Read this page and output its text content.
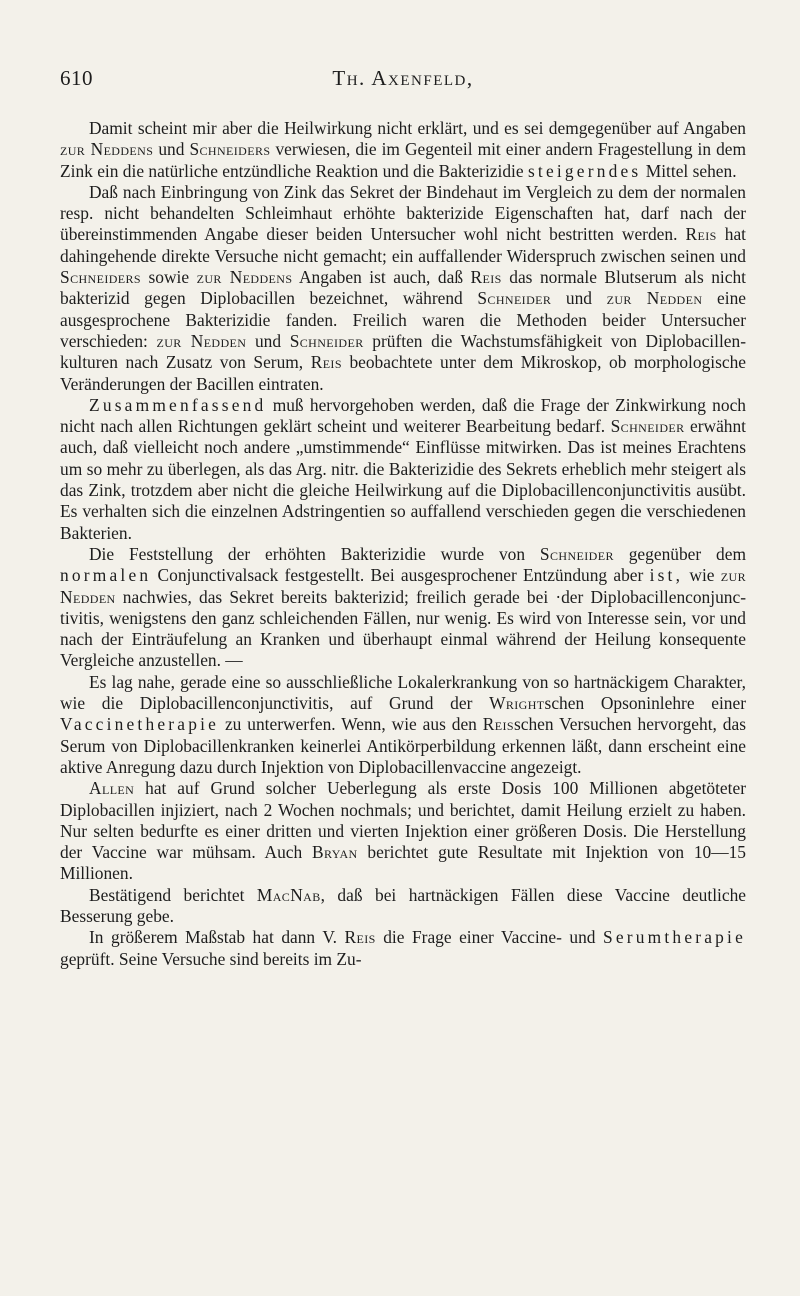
610	Th. Axenfeld,

Damit scheint mir aber die Heilwirkung nicht erklärt, und es sei demgegenüber auf Angaben zur Neddens und Schneiders verwiesen, die im Gegenteil mit einer andern Fragestellung in dem Zink ein die natürliche entzündliche Reaktion und die Bakterizidie steigerndes Mittel sehen.

Daß nach Einbringung von Zink das Sekret der Bindehaut im Vergleich zu dem der normalen resp. nicht behandelten Schleimhaut erhöhte bakterizide Eigenschaften hat, darf nach der übereinstimmenden Angabe dieser beiden Untersucher wohl nicht bestritten werden. Reis hat dahingehende direkte Versuche nicht gemacht; ein auffallender Widerspruch zwischen seinen und Schneiders sowie zur Neddens Angaben ist auch, daß Reis das normale Blutserum als nicht bakterizid gegen Diplobacillen bezeichnet, während Schneider und zur Nedden eine ausgesprochene Bakterizidie fanden. Freilich waren die Methoden beider Untersucher verschieden: zur Nedden und Schneider prüften die Wachstumsfähigkeit von Diplobacillenkulturen nach Zusatz von Serum, Reis beobachtete unter dem Mikroskop, ob morphologische Veränderungen der Bacillen eintraten.

Zusammenfassend muß hervorgehoben werden, daß die Frage der Zinkwirkung noch nicht nach allen Richtungen geklärt scheint und weiterer Bearbeitung bedarf. Schneider erwähnt auch, daß vielleicht noch andere „umstimmende“ Einflüsse mitwirken. Das ist meines Erachtens um so mehr zu überlegen, als das Arg. nitr. die Bakterizidie des Sekrets erheblich mehr steigert als das Zink, trotzdem aber nicht die gleiche Heilwirkung auf die Diplobacillenconjunctivitis ausübt. Es verhalten sich die einzelnen Adstringentien so auffallend verschieden gegen die verschiedenen Bakterien.

Die Feststellung der erhöhten Bakterizidie wurde von Schneider gegenüber dem normalen Conjunctivalsack festgestellt. Bei ausgesprochener Entzündung aber ist, wie zur Nedden nachwies, das Sekret bereits bakterizid; freilich gerade bei ·der Diplobacillenconjunctivitis, wenigstens den ganz schleichenden Fällen, nur wenig. Es wird von Interesse sein, vor und nach der Einträufelung an Kranken und überhaupt einmal während der Heilung konsequente Vergleiche anzustellen. —

Es lag nahe, gerade eine so ausschließliche Lokalerkrankung von so hartnäckigem Charakter, wie die Diplobacillenconjunctivitis, auf Grund der Wrightschen Opsoninlehre einer Vaccinetherapie zu unterwerfen. Wenn, wie aus den Reisschen Versuchen hervorgeht, das Serum von Diplobacillenkranken keinerlei Antikörperbildung erkennen läßt, dann erscheint eine aktive Anregung dazu durch Injektion von Diplobacillenvaccine angezeigt.

Allen hat auf Grund solcher Ueberlegung als erste Dosis 100 Millionen abgetöteter Diplobacillen injiziert, nach 2 Wochen nochmals; und berichtet, damit Heilung erzielt zu haben. Nur selten bedurfte es einer dritten und vierten Injektion einer größeren Dosis. Die Herstellung der Vaccine war mühsam. Auch Bryan berichtet gute Resultate mit Injektion von 10—15 Millionen.

Bestätigend berichtet MacNab, daß bei hartnäckigen Fällen diese Vaccine deutliche Besserung gebe.

In größerem Maßstab hat dann V. Reis die Frage einer Vaccine- und Serumtherapie geprüft. Seine Versuche sind bereits im Zu-
